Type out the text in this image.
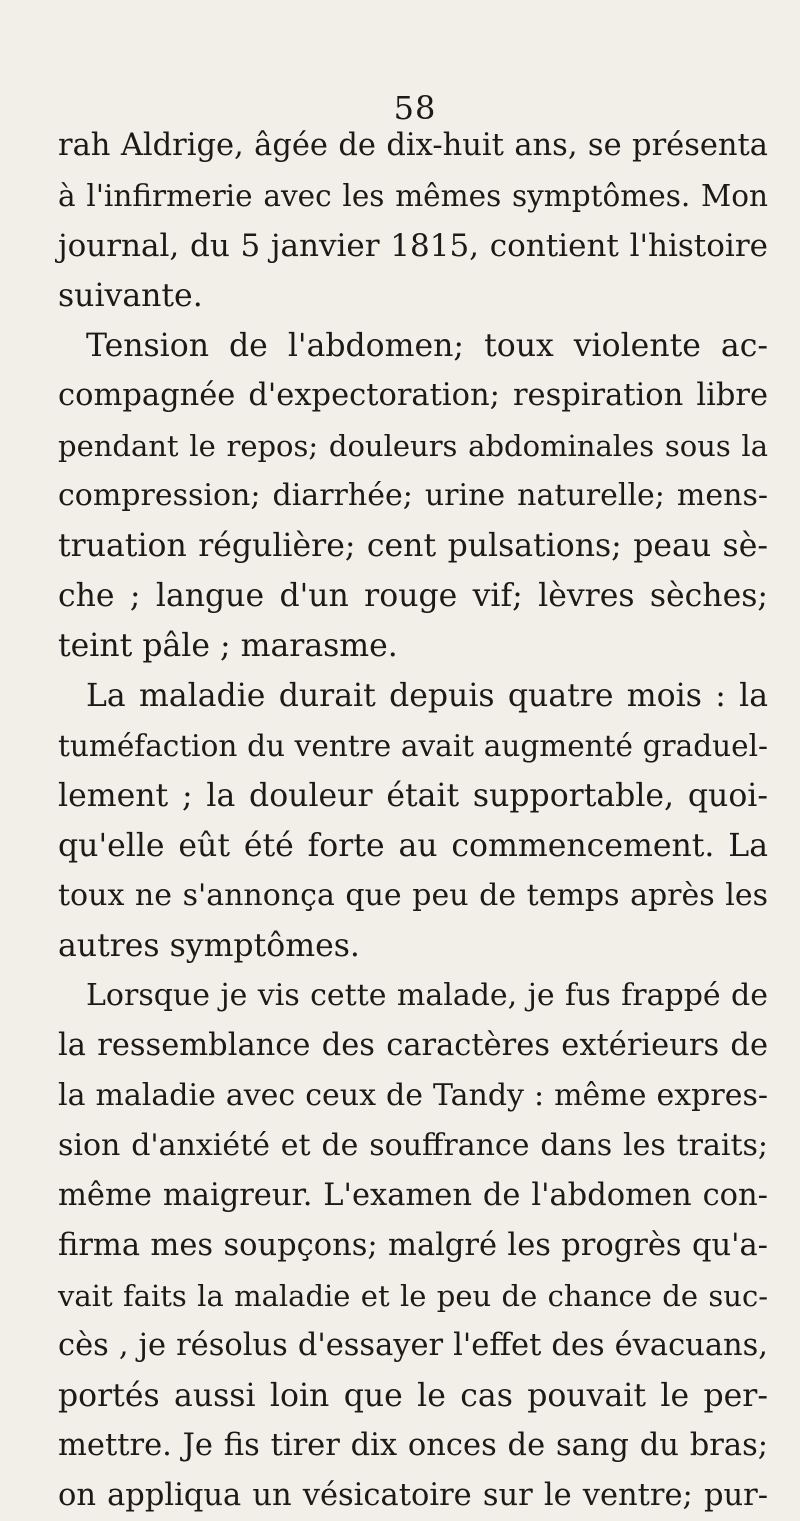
58
rah Aldrige, âgée de dix-huit ans, se présenta
à l'infirmerie avec les mêmes symptômes. Mon
journal, du 5 janvier 1815, contient l'histoire
suivante.
Tension de l'abdomen; toux violente ac-
compagnée d'expectoration; respiration libre
pendant le repos; douleurs abdominales sous la
compression; diarrhée; urine naturelle; mens-
truation régulière; cent pulsations; peau sè-
che ; langue d'un rouge vif; lèvres sèches;
teint pâle ; marasme.
La maladie durait depuis quatre mois : la
tuméfaction du ventre avait augmenté graduel-
lement ; la douleur était supportable, quoi-
qu'elle eût été forte au commencement. La
toux ne s'annonça que peu de temps après les
autres symptômes.
Lorsque je vis cette malade, je fus frappé de
la ressemblance des caractères extérieurs de
la maladie avec ceux de Tandy : même expres-
sion d'anxiété et de souffrance dans les traits;
même maigreur. L'examen de l'abdomen con-
firma mes soupçons; malgré les progrès qu'a-
vait faits la maladie et le peu de chance de suc-
cès , je résolus d'essayer l'effet des évacuans,
portés aussi loin que le cas pouvait le per-
mettre. Je fis tirer dix onces de sang du bras;
on appliqua un vésicatoire sur le ventre; pur-
